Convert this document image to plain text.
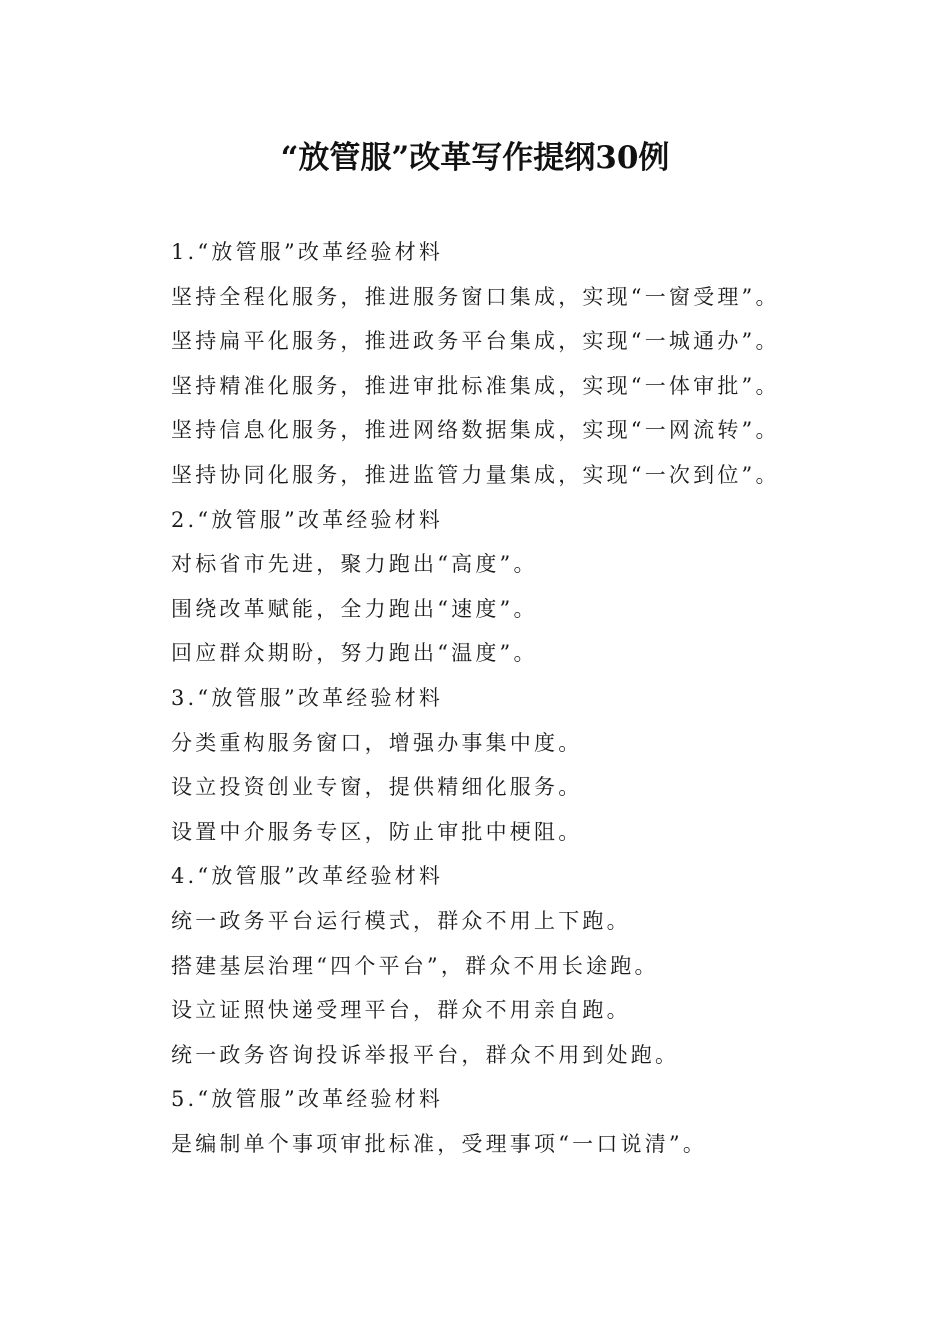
“放管服”改革写作提纲30例
1.“放管服”改革经验材料
坚持全程化服务，推进服务窗口集成，实现“一窗受理”。
坚持扁平化服务，推进政务平台集成，实现“一城通办”。
坚持精准化服务，推进审批标准集成，实现“一体审批”。
坚持信息化服务，推进网络数据集成，实现“一网流转”。
坚持协同化服务，推进监管力量集成，实现“一次到位”。
2.“放管服”改革经验材料
对标省市先进，聚力跑出“高度”。
围绕改革赋能，全力跑出“速度”。
回应群众期盼，努力跑出“温度”。
3.“放管服”改革经验材料
分类重构服务窗口，增强办事集中度。
设立投资创业专窗，提供精细化服务。
设置中介服务专区，防止审批中梗阻。
4.“放管服”改革经验材料
统一政务平台运行模式，群众不用上下跑。
搭建基层治理“四个平台”，群众不用长途跑。
设立证照快递受理平台，群众不用亲自跑。
统一政务咨询投诉举报平台，群众不用到处跑。
5.“放管服”改革经验材料
是编制单个事项审批标准，受理事项“一口说清”。
